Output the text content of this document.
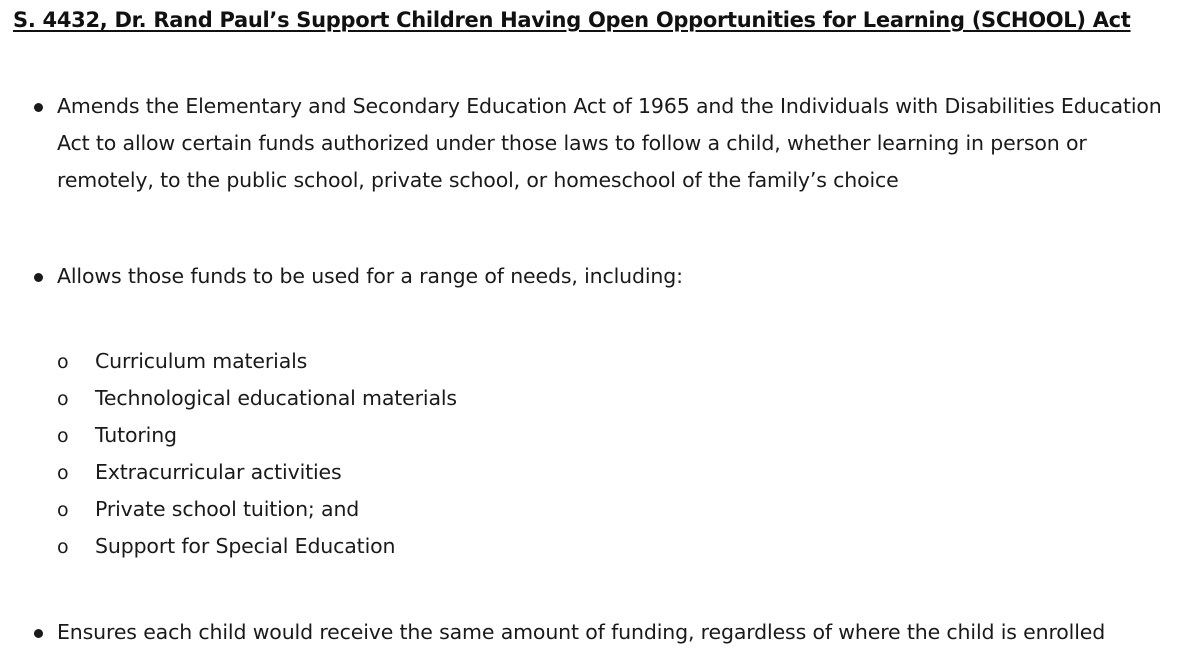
S. 4432, Dr. Rand Paul’s Support Children Having Open Opportunities for Learning (SCHOOL) Act
Amends the Elementary and Secondary Education Act of 1965 and the Individuals with Disabilities Education Act to allow certain funds authorized under those laws to follow a child, whether learning in person or remotely, to the public school, private school, or homeschool of the family’s choice
Allows those funds to be used for a range of needs, including:
o Curriculum materials
o Technological educational materials
o Tutoring
o Extracurricular activities
o Private school tuition; and
o Support for Special Education
Ensures each child would receive the same amount of funding, regardless of where the child is enrolled
